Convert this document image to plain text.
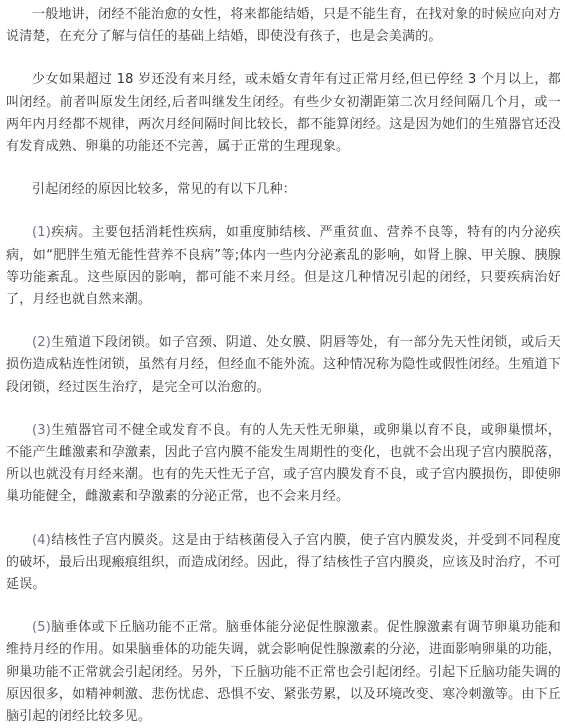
一般地讲，闭经不能治愈的女性，将来都能结婚，只是不能生育，在找对象的时候应向对方说清楚，在充分了解与信任的基础上结婚，即使没有孩子，也是会美满的。

少女如果超过 18 岁还没有来月经，或未婚女青年有过正常月经,但已停经 3 个月以上，都叫闭经。前者叫原发生闭经,后者叫继发生闭经。有些少女初潮距第二次月经间隔几个月，或一两年内月经都不规律，两次月经间隔时间比较长，都不能算闭经。这是因为她们的生殖器官还没有发育成熟、卵巢的功能还不完善，属于正常的生理现象。

引起闭经的原因比较多，常见的有以下几种：

(1)疾病。主要包括消耗性疾病，如重度肺结核、严重贫血、营养不良等，特有的内分泌疾病，如“肥胖生殖无能性营养不良病”等;体内一些内分泌紊乱的影响，如肾上腺、甲关腺、胰腺等功能紊乱。这些原因的影响，都可能不来月经。但是这几种情况引起的闭经，只要疾病治好了，月经也就自然来潮。

(2)生殖道下段闭锁。如子宫颈、阴道、处女膜、阴唇等处，有一部分先天性闭锁，或后天损伤造成粘连性闭锁，虽然有月经，但经血不能外流。这种情况称为隐性或假性闭经。生殖道下段闭锁，经过医生治疗，是完全可以治愈的。

(3)生殖器官司不健全或发育不良。有的人先天性无卵巢，或卵巢以育不良，或卵巢惯坏，不能产生雌激素和孕激素，因此子宫内膜不能发生周期性的变化，也就不会出现子宫内膜脱落，所以也就没有月经来潮。也有的先天性无子宫，或子宫内膜发育不良，或子宫内膜损伤，即使卵巢功能健全，雌激素和孕激素的分泌正常，也不会来月经。

(4)结核性子宫内膜炎。这是由于结核菌侵入子宫内膜，使子宫内膜发炎，并受到不同程度的破坏，最后出现瘢痕组织，而造成闭经。因此，得了结核性子宫内膜炎，应该及时治疗，不可延误。

(5)脑垂体或下丘脑功能不正常。脑垂体能分泌促性腺激素。促性腺激素有调节卵巢功能和维持月经的作用。如果脑垂体的功能失调，就会影响促性腺激素的分泌，进面影响卵巢的功能，卵巢功能不正常就会引起闭经。另外，下丘脑功能不正常也会引起闭经。引起下丘脑功能失调的原因很多，如精神刺激、悲伤忧虑、恐惧不安、紧张劳累，以及环境改变、寒冷刺激等。由下丘脑引起的闭经比较多见。
